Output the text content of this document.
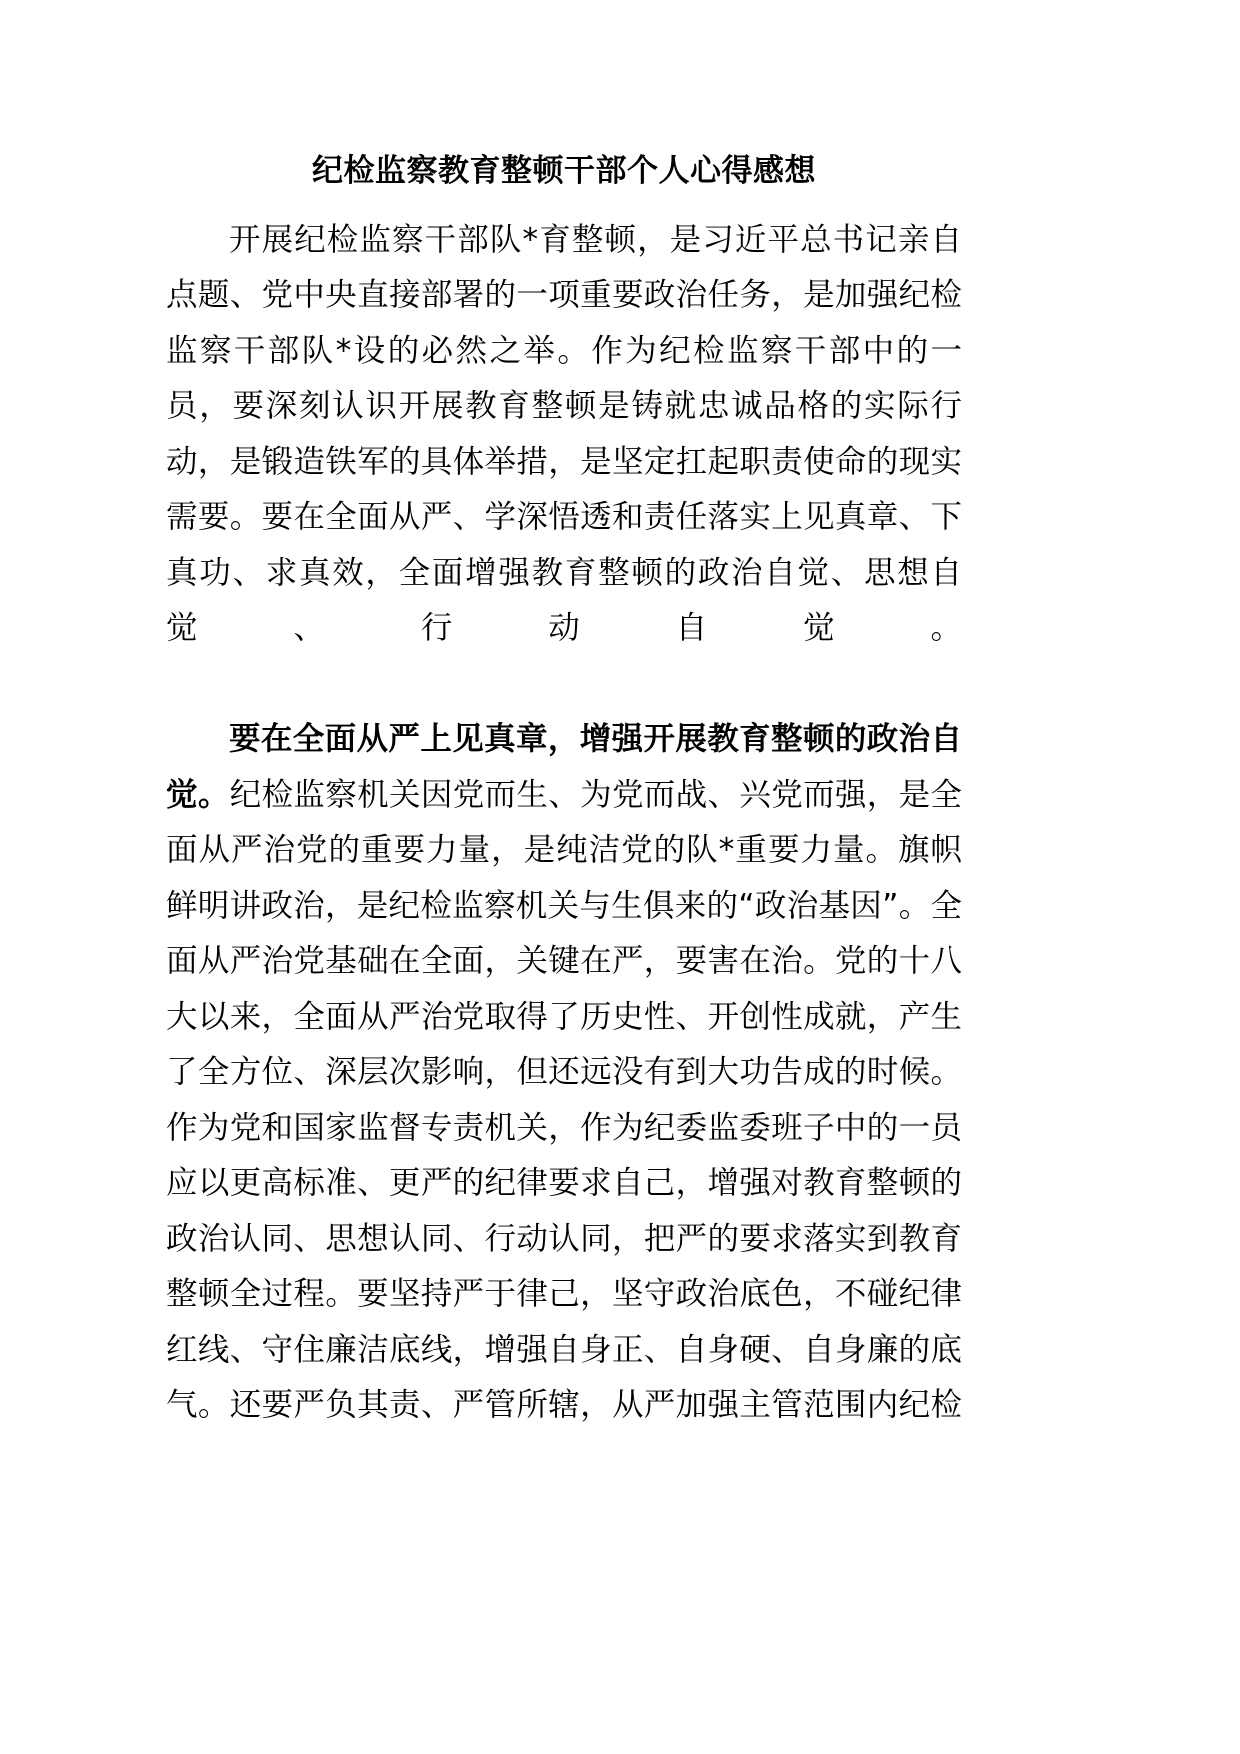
纪检监察教育整顿干部个人心得感想

开展纪检监察干部队*育整顿，是习近平总书记亲自点题、党中央直接部署的一项重要政治任务，是加强纪检监察干部队*设的必然之举。作为纪检监察干部中的一员，要深刻认识开展教育整顿是铸就忠诚品格的实际行动，是锻造铁军的具体举措，是坚定扛起职责使命的现实需要。要在全面从严、学深悟透和责任落实上见真章、下真功、求真效，全面增强教育整顿的政治自觉、思想自觉、行动自觉。

要在全面从严上见真章，增强开展教育整顿的政治自觉。纪检监察机关因党而生、为党而战、兴党而强，是全面从严治党的重要力量，是纯洁党的队*重要力量。旗帜鲜明讲政治，是纪检监察机关与生俱来的“政治基因”。全面从严治党基础在全面，关键在严，要害在治。党的十八大以来，全面从严治党取得了历史性、开创性成就，产生了全方位、深层次影响，但还远没有到大功告成的时候。作为党和国家监督专责机关，作为纪委监委班子中的一员应以更高标准、更严的纪律要求自己，增强对教育整顿的政治认同、思想认同、行动认同，把严的要求落实到教育整顿全过程。要坚持严于律己，坚守政治底色，不碰纪律红线、守住廉洁底线，增强自身正、自身硬、自身廉的底气。还要严负其责、严管所辖，从严加强主管范围内纪检
